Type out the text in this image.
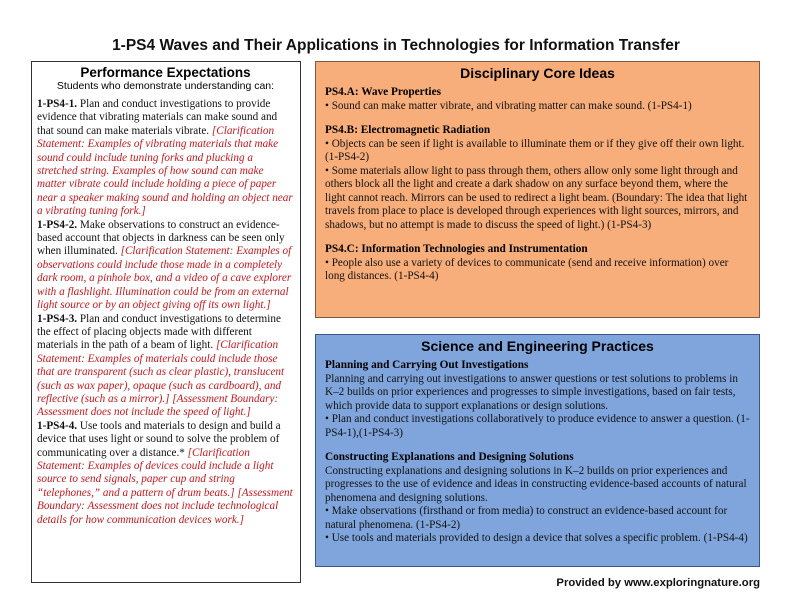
1-PS4 Waves and Their Applications in Technologies for Information Transfer

Performance Expectations

Students who demonstrate understanding can:

1-PS4-1. Plan and conduct investigations to provide evidence that vibrating materials can make sound and that sound can make materials vibrate. [Clarification Statement: Examples of vibrating materials that make sound could include tuning forks and plucking a stretched string. Examples of how sound can make matter vibrate could include holding a piece of paper near a speaker making sound and holding an object near a vibrating tuning fork.]

1-PS4-2. Make observations to construct an evidence-based account that objects in darkness can be seen only when illuminated. [Clarification Statement: Examples of observations could include those made in a completely dark room, a pinhole box, and a video of a cave explorer with a flashlight. Illumination could be from an external light source or by an object giving off its own light.]

1-PS4-3. Plan and conduct investigations to determine the effect of placing objects made with different materials in the path of a beam of light. [Clarification Statement: Examples of materials could include those that are transparent (such as clear plastic), translucent (such as wax paper), opaque (such as cardboard), and reflective (such as a mirror).] [Assessment Boundary: Assessment does not include the speed of light.]

1-PS4-4. Use tools and materials to design and build a device that uses light or sound to solve the problem of communicating over a distance.* [Clarification Statement: Examples of devices could include a light source to send signals, paper cup and string “telephones,” and a pattern of drum beats.] [Assessment Boundary: Assessment does not include technological details for how communication devices work.]

Disciplinary Core Ideas

PS4.A: Wave Properties

• Sound can make matter vibrate, and vibrating matter can make sound. (1-PS4-1)

PS4.B: Electromagnetic Radiation

• Objects can be seen if light is available to illuminate them or if they give off their own light. (1-PS4-2)

• Some materials allow light to pass through them, others allow only some light through and others block all the light and create a dark shadow on any surface beyond them, where the light cannot reach. Mirrors can be used to redirect a light beam. (Boundary: The idea that light travels from place to place is developed through experiences with light sources, mirrors, and shadows, but no attempt is made to discuss the speed of light.) (1-PS4-3)

PS4.C: Information Technologies and Instrumentation

• People also use a variety of devices to communicate (send and receive information) over long distances. (1-PS4-4)

Science and Engineering Practices

Planning and Carrying Out Investigations

Planning and carrying out investigations to answer questions or test solutions to problems in K–2 builds on prior experiences and progresses to simple investigations, based on fair tests, which provide data to support explanations or design solutions.

• Plan and conduct investigations collaboratively to produce evidence to answer a question. (1-PS4-1),(1-PS4-3)

Constructing Explanations and Designing Solutions

Constructing explanations and designing solutions in K–2 builds on prior experiences and progresses to the use of evidence and ideas in constructing evidence-based accounts of natural phenomena and designing solutions.

• Make observations (firsthand or from media) to construct an evidence-based account for natural phenomena. (1-PS4-2)

• Use tools and materials provided to design a device that solves a specific problem. (1-PS4-4)

Provided by www.exploringnature.org
